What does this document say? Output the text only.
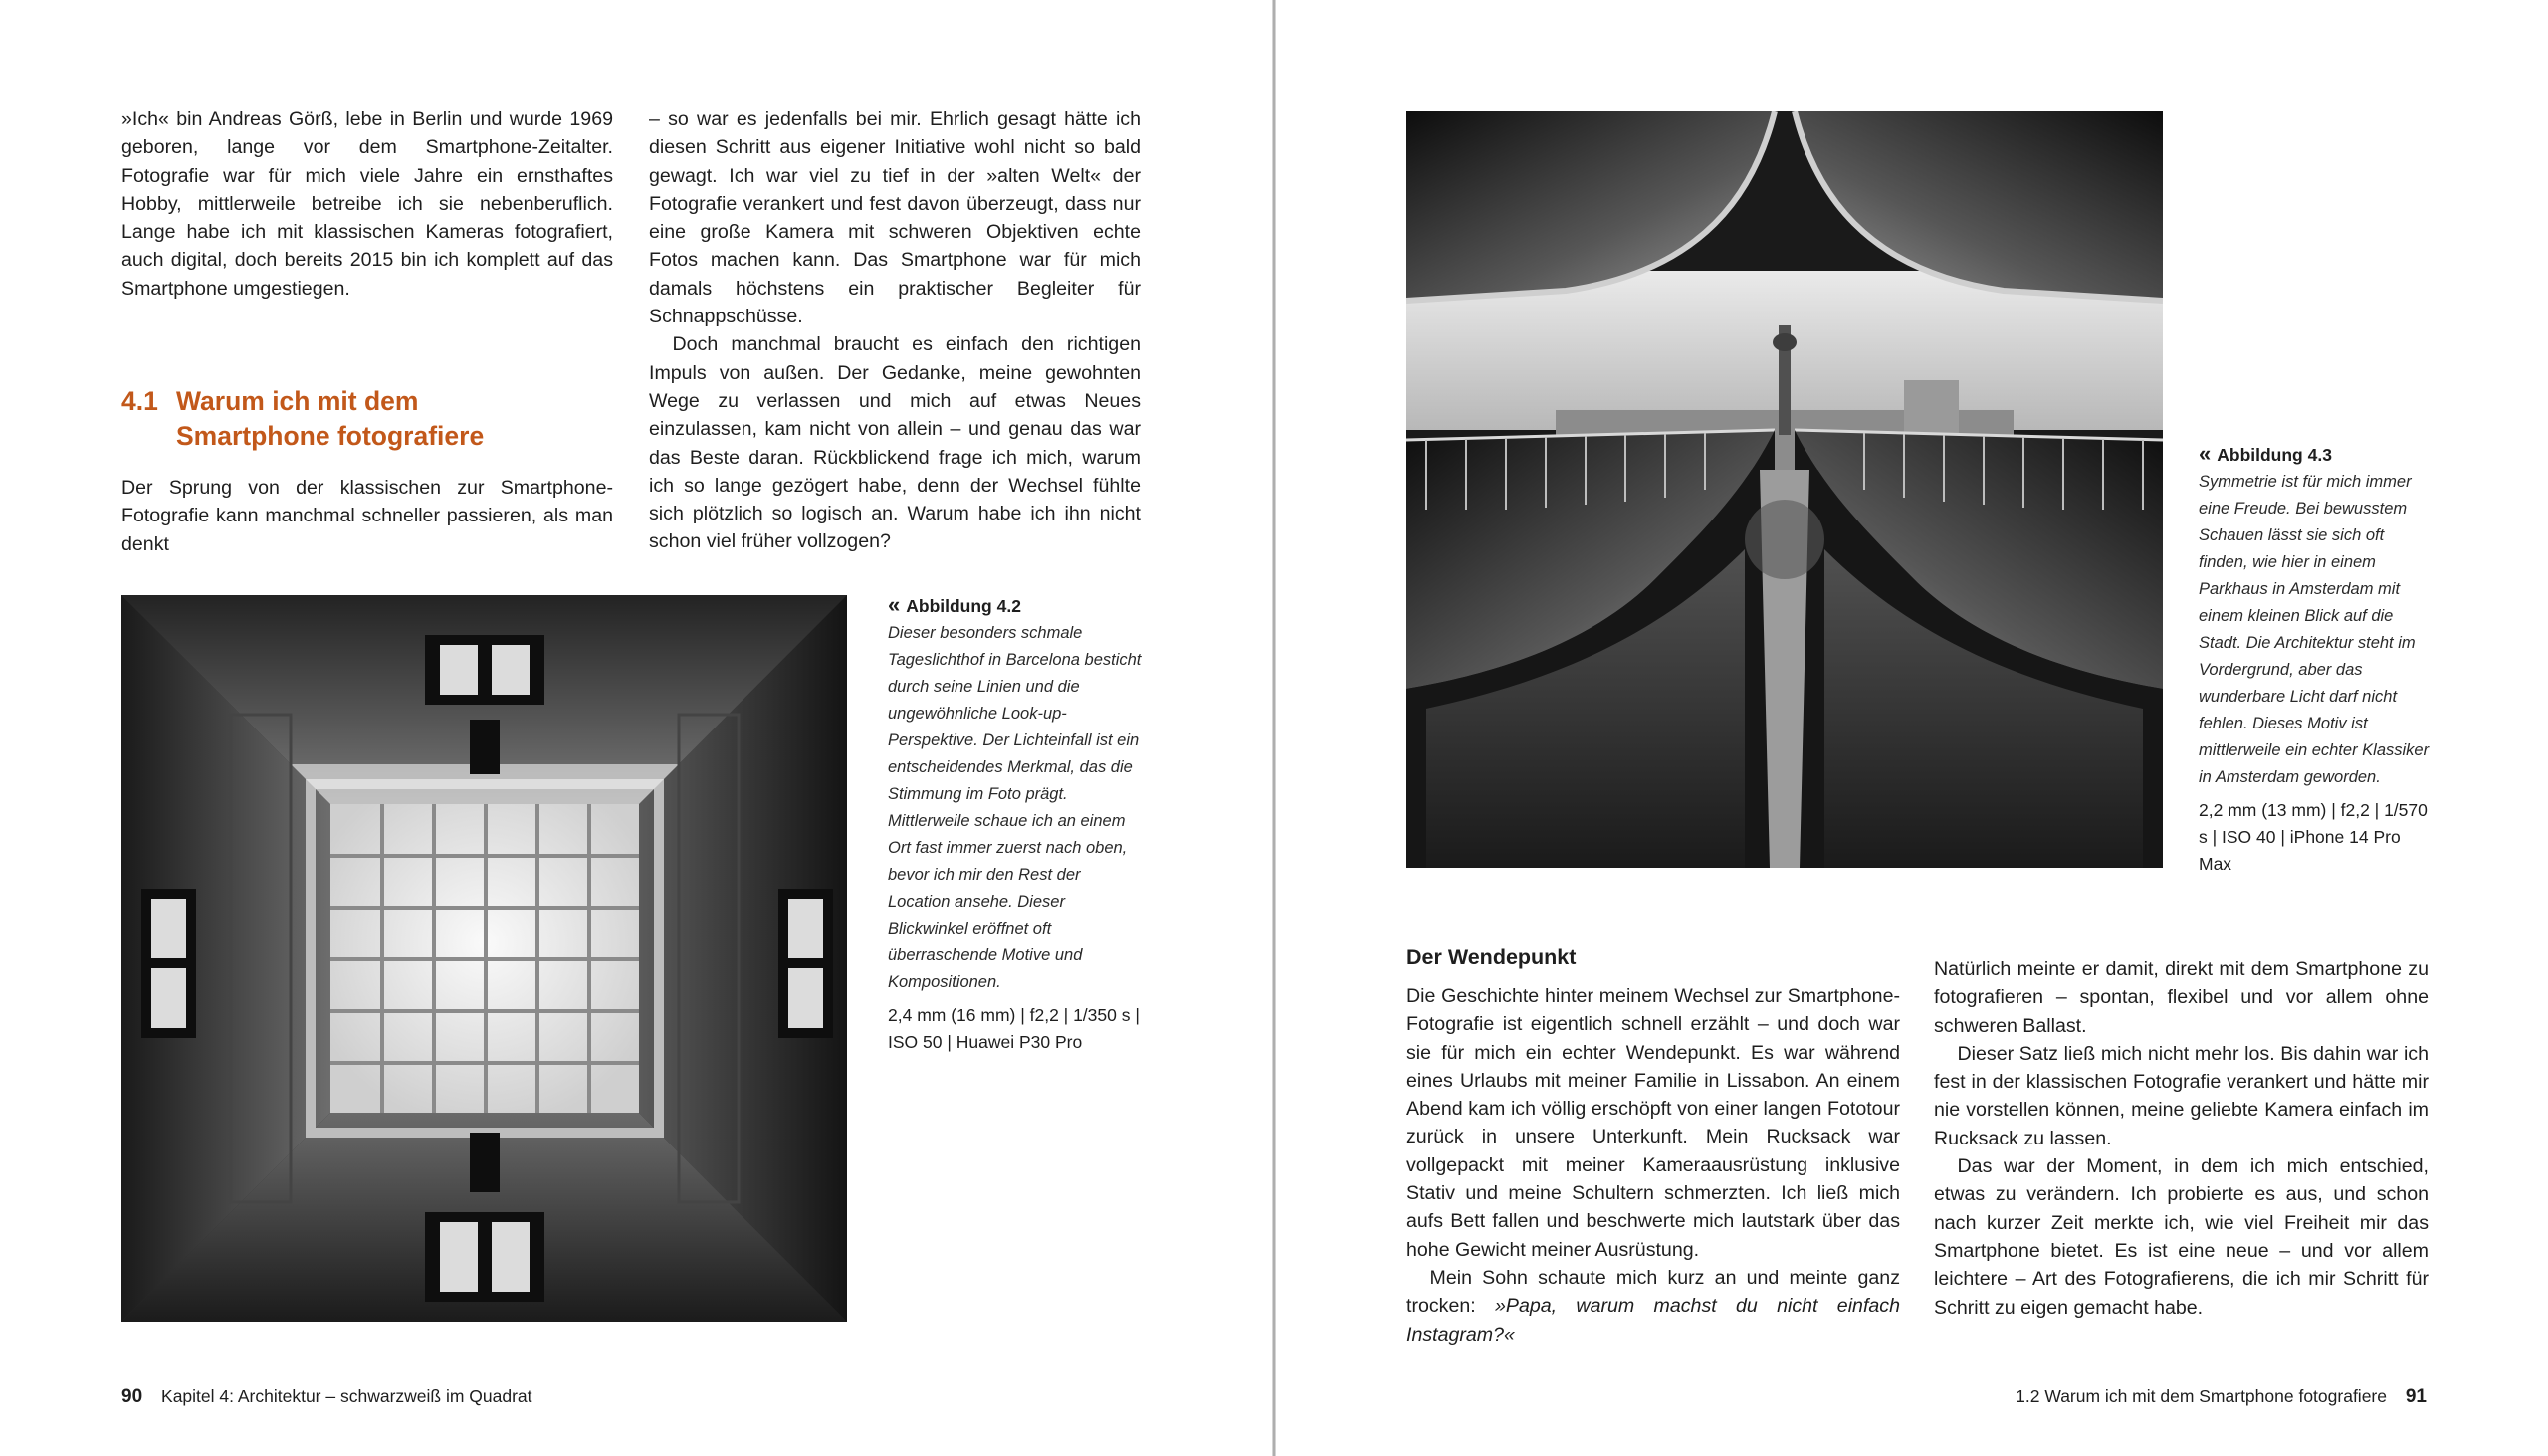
»Ich« bin Andreas Görß, lebe in Berlin und wurde 1969 geboren, lange vor dem Smartphone-Zeitalter. Fotografie war für mich viele Jahre ein ernsthaftes Hobby, mittlerweile betreibe ich sie nebenberuflich. Lange habe ich mit klassischen Kameras fotografiert, auch digital, doch bereits 2015 bin ich komplett auf das Smartphone umgestiegen.

4.1 Warum ich mit dem
Smartphone fotografiere

Der Sprung von der klassischen zur Smartphone-Fotografie kann manchmal schneller passieren, als man denkt

– so war es jedenfalls bei mir. Ehrlich gesagt hätte ich diesen Schritt aus eigener Initiative wohl nicht so bald gewagt. Ich war viel zu tief in der »alten Welt« der Fotografie verankert und fest davon überzeugt, dass nur eine große Kamera mit schweren Objektiven echte Fotos machen kann. Das Smartphone war für mich damals höchstens ein praktischer Begleiter für Schnappschüsse.

Doch manchmal braucht es einfach den richtigen Impuls von außen. Der Gedanke, meine gewohnten Wege zu verlassen und mich auf etwas Neues einzulassen, kam nicht von allein – und genau das war das Beste daran. Rückblickend frage ich mich, warum ich so lange gezögert habe, denn der Wechsel fühlte sich plötzlich so logisch an. Warum habe ich ihn nicht schon viel früher vollzogen?

« Abbildung 4.2
Dieser besonders schmale Tageslichthof in Barcelona besticht durch seine Linien und die ungewöhnliche Look-up-Perspektive. Der Lichteinfall ist ein entscheidendes Merkmal, das die Stimmung im Foto prägt. Mittlerweile schaue ich an einem Ort fast immer zuerst nach oben, bevor ich mir den Rest der Location ansehe. Dieser Blickwinkel eröffnet oft überraschende Motive und Kompositionen.
2,4 mm (16 mm) | f2,2 | 1/350 s | ISO 50 | Huawei P30 Pro
90 Kapitel 4: Architektur – schwarzweiß im Quadrat
« Abbildung 4.3
Symmetrie ist für mich immer eine Freude. Bei bewusstem Schauen lässt sie sich oft finden, wie hier in einem Parkhaus in Amsterdam mit einem kleinen Blick auf die Stadt. Die Architektur steht im Vordergrund, aber das wunderbare Licht darf nicht fehlen. Dieses Motiv ist mittlerweile ein echter Klassiker in Amsterdam geworden.
2,2 mm (13 mm) | f2,2 | 1/570 s | ISO 40 | iPhone 14 Pro Max
Der Wendepunkt

Die Geschichte hinter meinem Wechsel zur Smartphone-Fotografie ist eigentlich schnell erzählt – und doch war sie für mich ein echter Wendepunkt. Es war während eines Urlaubs mit meiner Familie in Lissabon. An einem Abend kam ich völlig erschöpft von einer langen Fototour zurück in unsere Unterkunft. Mein Rucksack war vollgepackt mit meiner Kameraausrüstung inklusive Stativ und meine Schultern schmerzten. Ich ließ mich aufs Bett fallen und beschwerte mich lautstark über das hohe Gewicht meiner Ausrüstung.

Mein Sohn schaute mich kurz an und meinte ganz trocken: »Papa, warum machst du nicht einfach Instagram?«

Natürlich meinte er damit, direkt mit dem Smartphone zu fotografieren – spontan, flexibel und vor allem ohne schweren Ballast.

Dieser Satz ließ mich nicht mehr los. Bis dahin war ich fest in der klassischen Fotografie verankert und hätte mir nie vorstellen können, meine geliebte Kamera einfach im Rucksack zu lassen.

Das war der Moment, in dem ich mich entschied, etwas zu verändern. Ich probierte es aus, und schon nach kurzer Zeit merkte ich, wie viel Freiheit mir das Smartphone bietet. Es ist eine neue – und vor allem leichtere – Art des Fotografierens, die ich mir Schritt für Schritt zu eigen gemacht habe.

1.2 Warum ich mit dem Smartphone fotografiere 91
